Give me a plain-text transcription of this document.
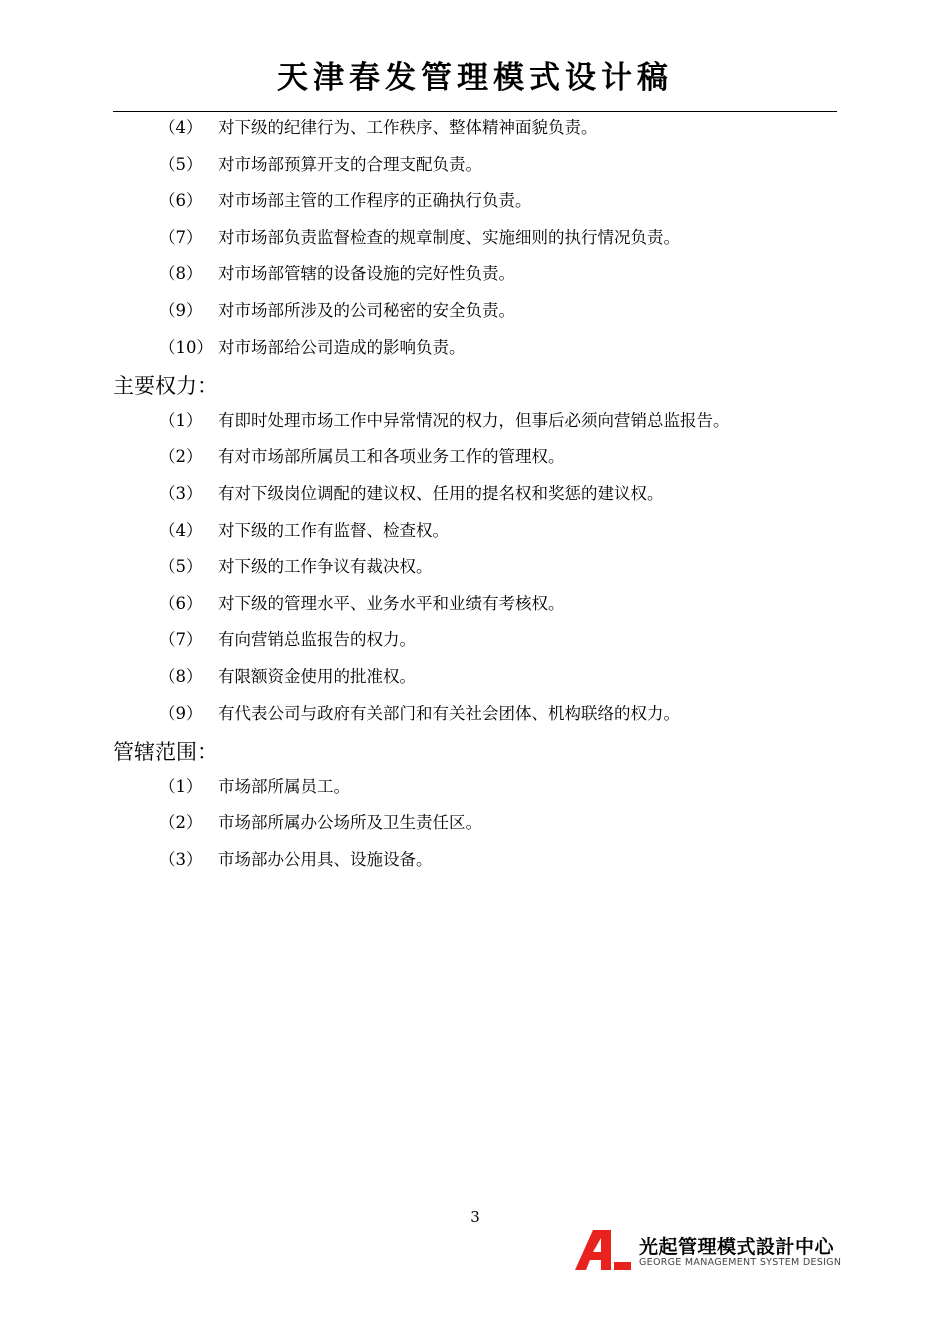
天津春发管理模式设计稿
（4） 对下级的纪律行为、工作秩序、整体精神面貌负责。
（5） 对市场部预算开支的合理支配负责。
（6） 对市场部主管的工作程序的正确执行负责。
（7） 对市场部负责监督检查的规章制度、实施细则的执行情况负责。
（8） 对市场部管辖的设备设施的完好性负责。
（9） 对市场部所涉及的公司秘密的安全负责。
（10） 对市场部给公司造成的影响负责。
主要权力：
（1） 有即时处理市场工作中异常情况的权力，但事后必须向营销总监报告。
（2） 有对市场部所属员工和各项业务工作的管理权。
（3） 有对下级岗位调配的建议权、任用的提名权和奖惩的建议权。
（4） 对下级的工作有监督、检查权。
（5） 对下级的工作争议有裁决权。
（6） 对下级的管理水平、业务水平和业绩有考核权。
（7） 有向营销总监报告的权力。
（8） 有限额资金使用的批准权。
（9） 有代表公司与政府有关部门和有关社会团体、机构联络的权力。
管辖范围：
（1） 市场部所属员工。
（2） 市场部所属办公场所及卫生责任区。
（3） 市场部办公用具、设施设备。
3
光起管理模式設計中心
GEORGE MANAGEMENT SYSTEM DESIGN
